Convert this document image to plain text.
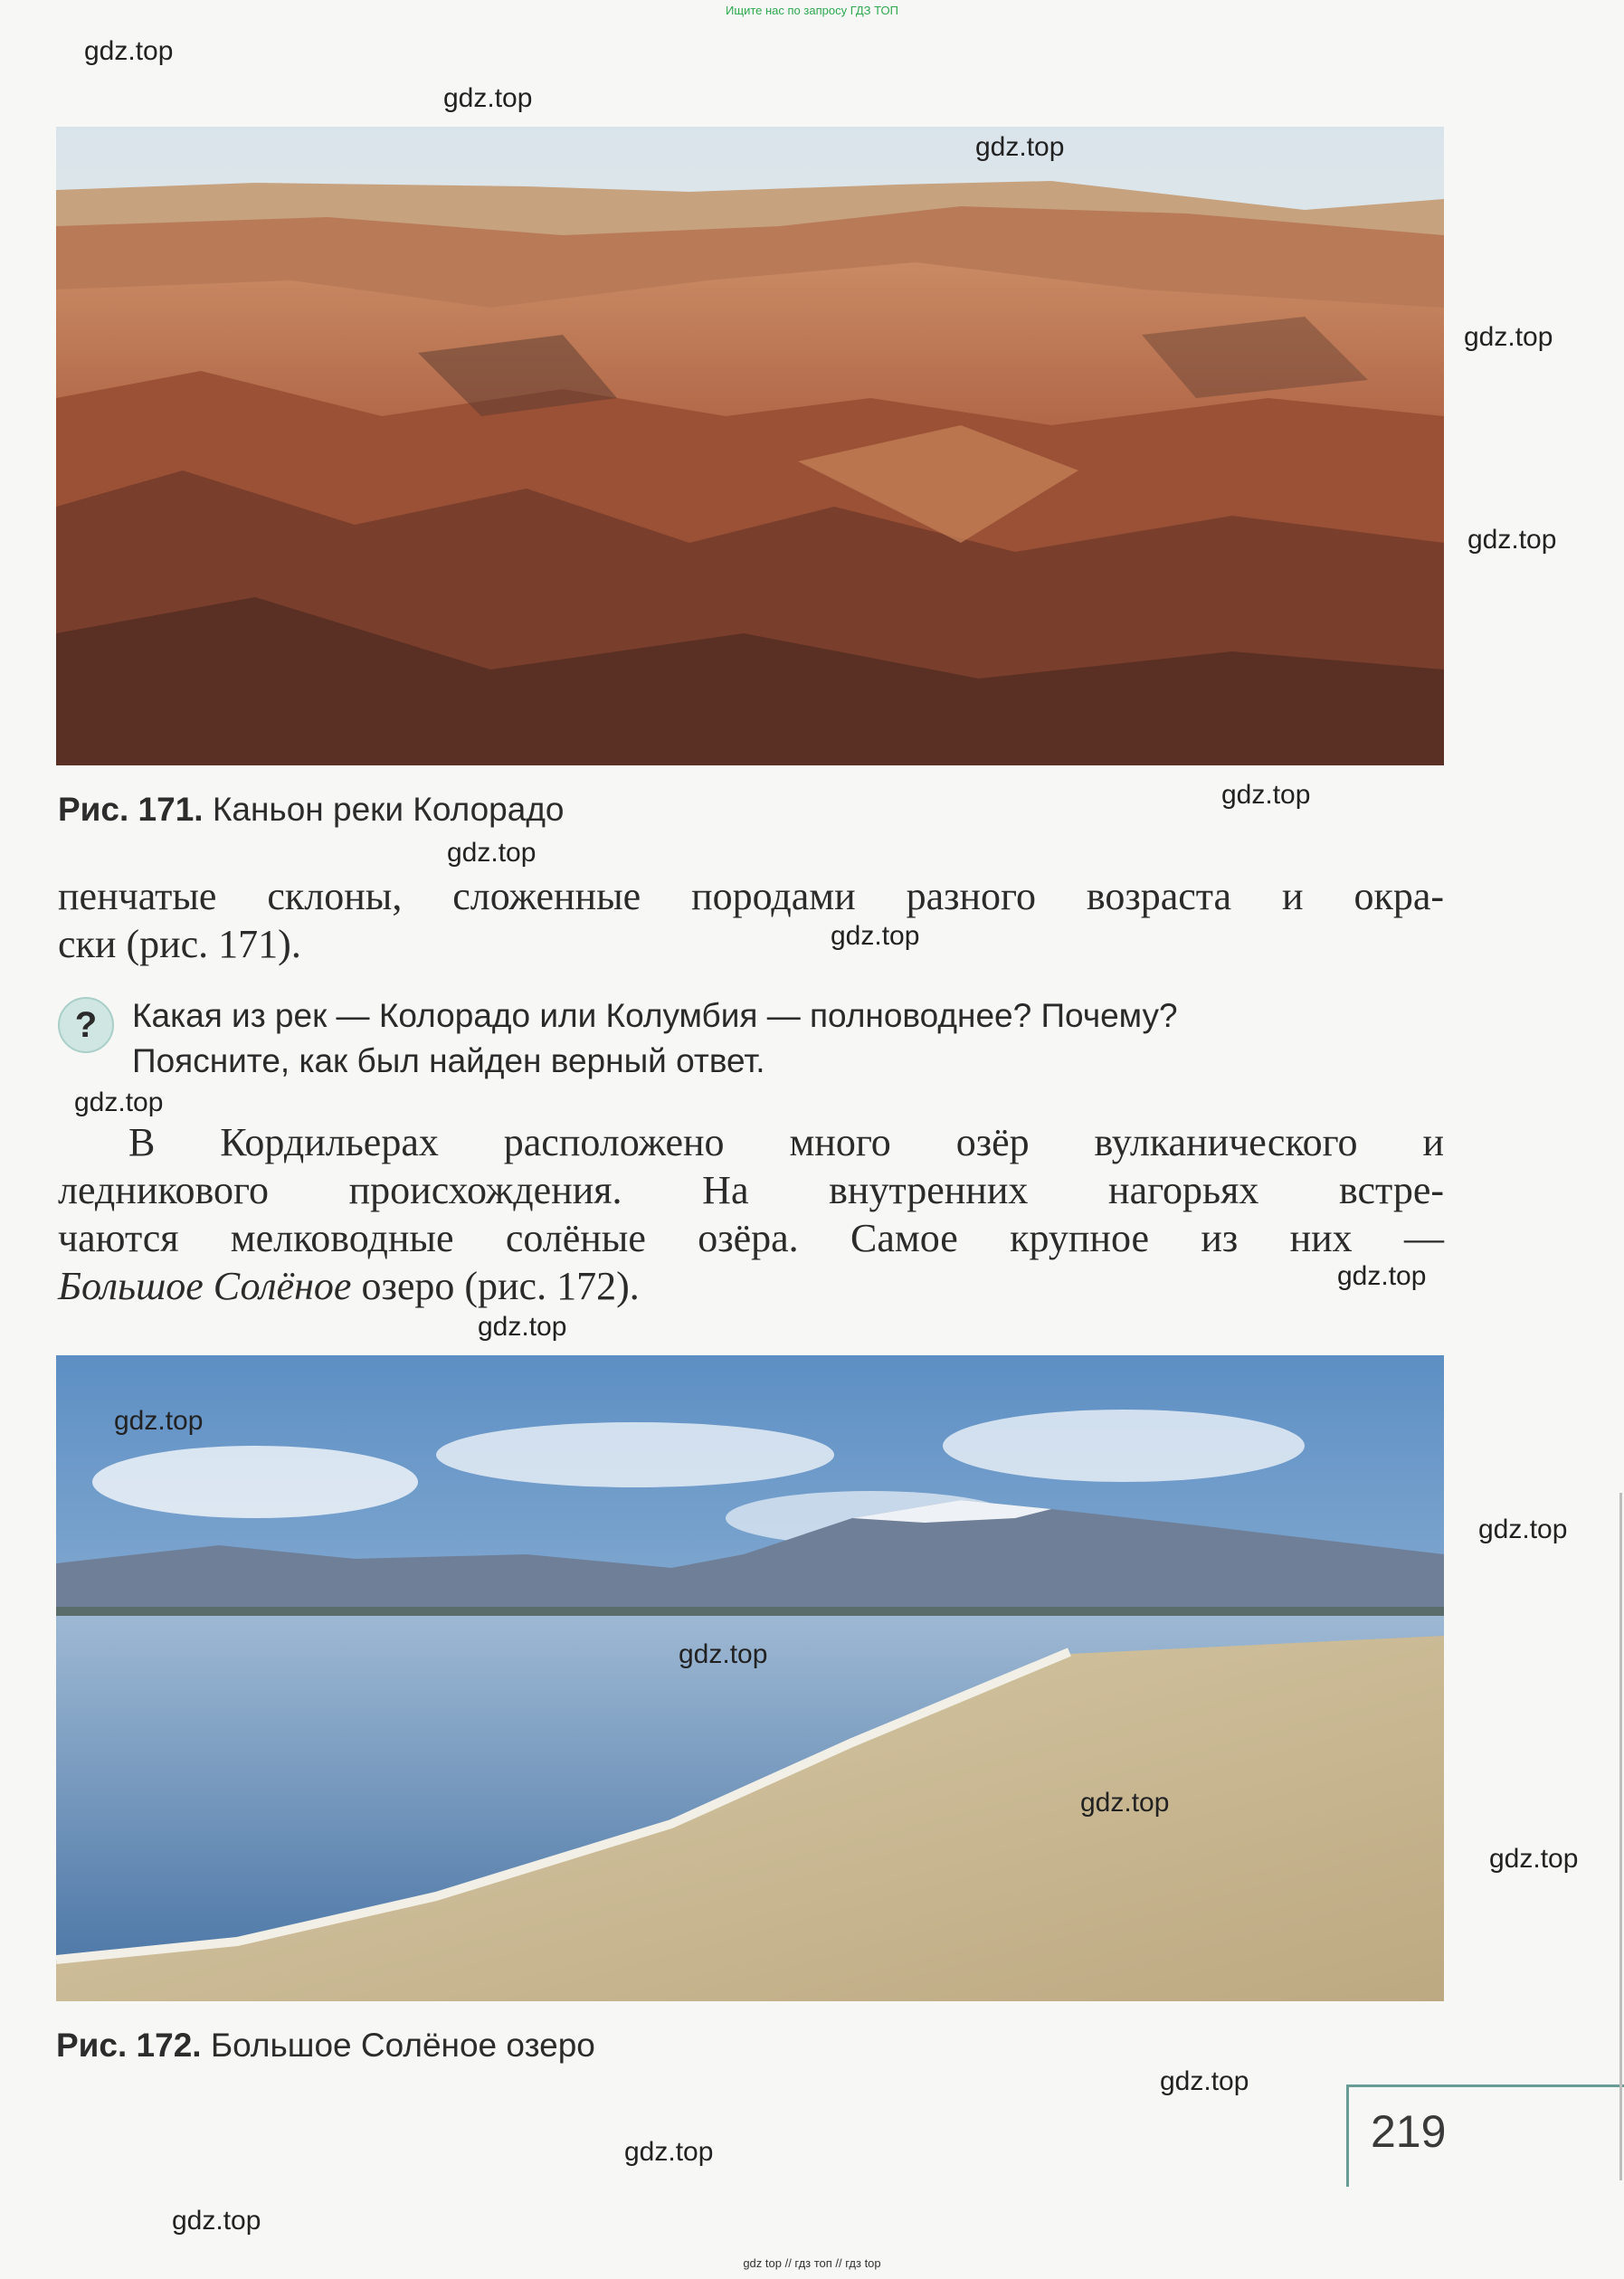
Ищите нас по запросу ГДЗ ТОП
Рис. 171. Каньон реки Колорадо
пенчатые склоны, сложенные породами разного возраста и окра-
ски (рис. 171).
?	Какая из рек — Колорадо или Колумбия — полноводнее? Почему?
Поясните, как был найден верный ответ.
В Кордильерах расположено много озёр вулканического и
ледникового происхождения. На внутренних нагорьях встре-
чаются мелководные солёные озёра. Самое крупное из них —
Большое Солёное озеро (рис. 172).
Рис. 172. Большое Солёное озеро
219
gdz.top
gdz.top
gdz.top
gdz.top
gdz.top
gdz.top
gdz.top
gdz.top
gdz.top
gdz.top
gdz.top
gdz.top
gdz.top
gdz.top
gdz.top
gdz.top
gdz.top
gdz.top
gdz.top
gdz top // гдз топ // гдз top
